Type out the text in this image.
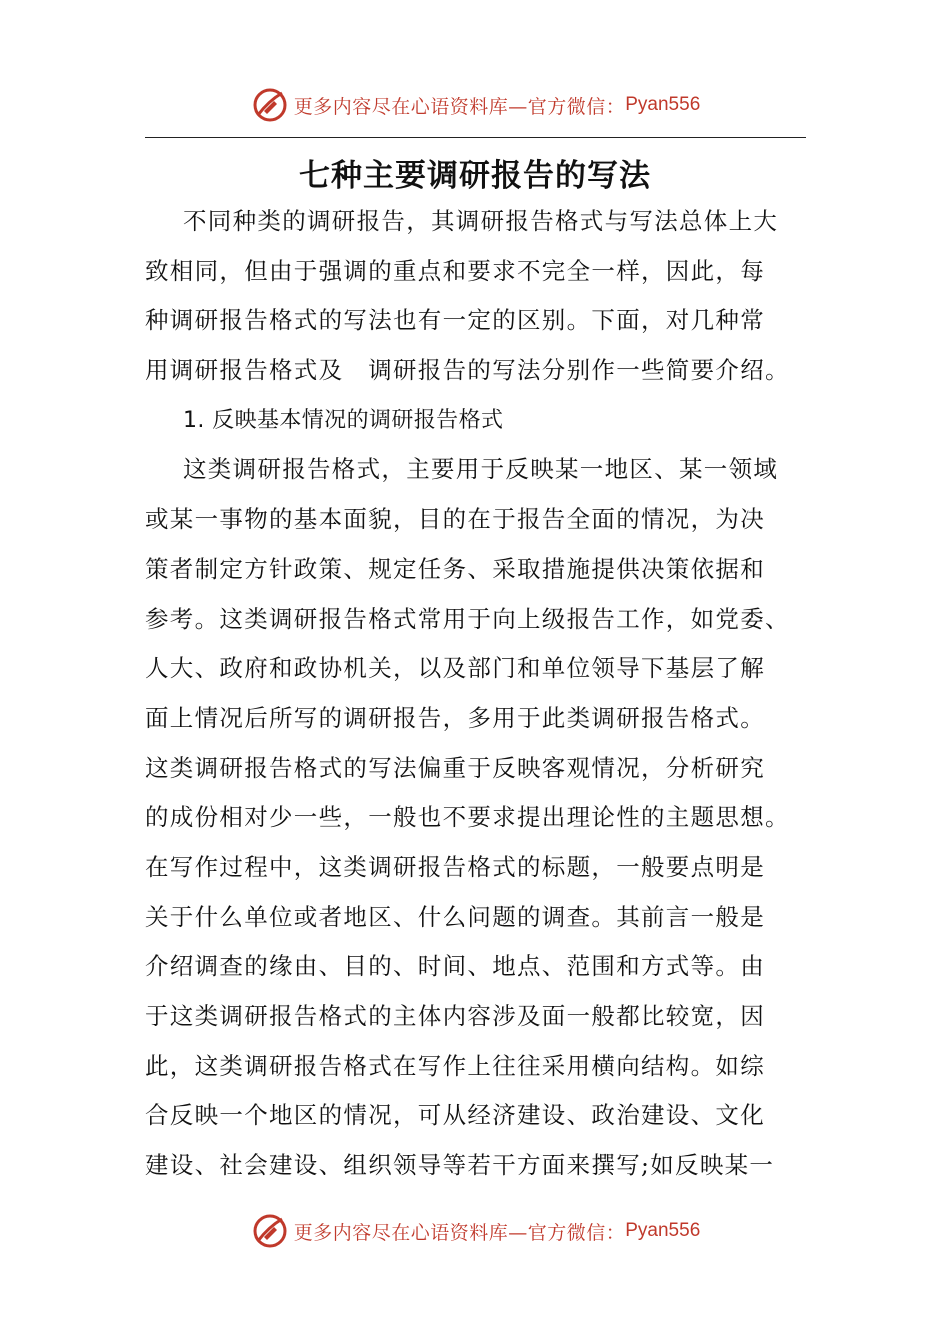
更多内容尽在心语资料库—官方微信： Pyan556
七种主要调研报告的写法
不同种类的调研报告，其调研报告格式与写法总体上大
致相同，但由于强调的重点和要求不完全一样，因此，每
种调研报告格式的写法也有一定的区别。下面，对几种常
用调研报告格式及　调研报告的写法分别作一些简要介绍。
1. 反映基本情况的调研报告格式
这类调研报告格式，主要用于反映某一地区、某一领域
或某一事物的基本面貌，目的在于报告全面的情况，为决
策者制定方针政策、规定任务、采取措施提供决策依据和
参考。这类调研报告格式常用于向上级报告工作，如党委、
人大、政府和政协机关，以及部门和单位领导下基层了解
面上情况后所写的调研报告，多用于此类调研报告格式。
这类调研报告格式的写法偏重于反映客观情况，分析研究
的成份相对少一些，一般也不要求提出理论性的主题思想。
在写作过程中，这类调研报告格式的标题，一般要点明是
关于什么单位或者地区、什么问题的调查。其前言一般是
介绍调查的缘由、目的、时间、地点、范围和方式等。由
于这类调研报告格式的主体内容涉及面一般都比较宽，因
此，这类调研报告格式在写作上往往采用横向结构。如综
合反映一个地区的情况，可从经济建设、政治建设、文化
建设、社会建设、组织领导等若干方面来撰写;如反映某一
更多内容尽在心语资料库—官方微信： Pyan556
